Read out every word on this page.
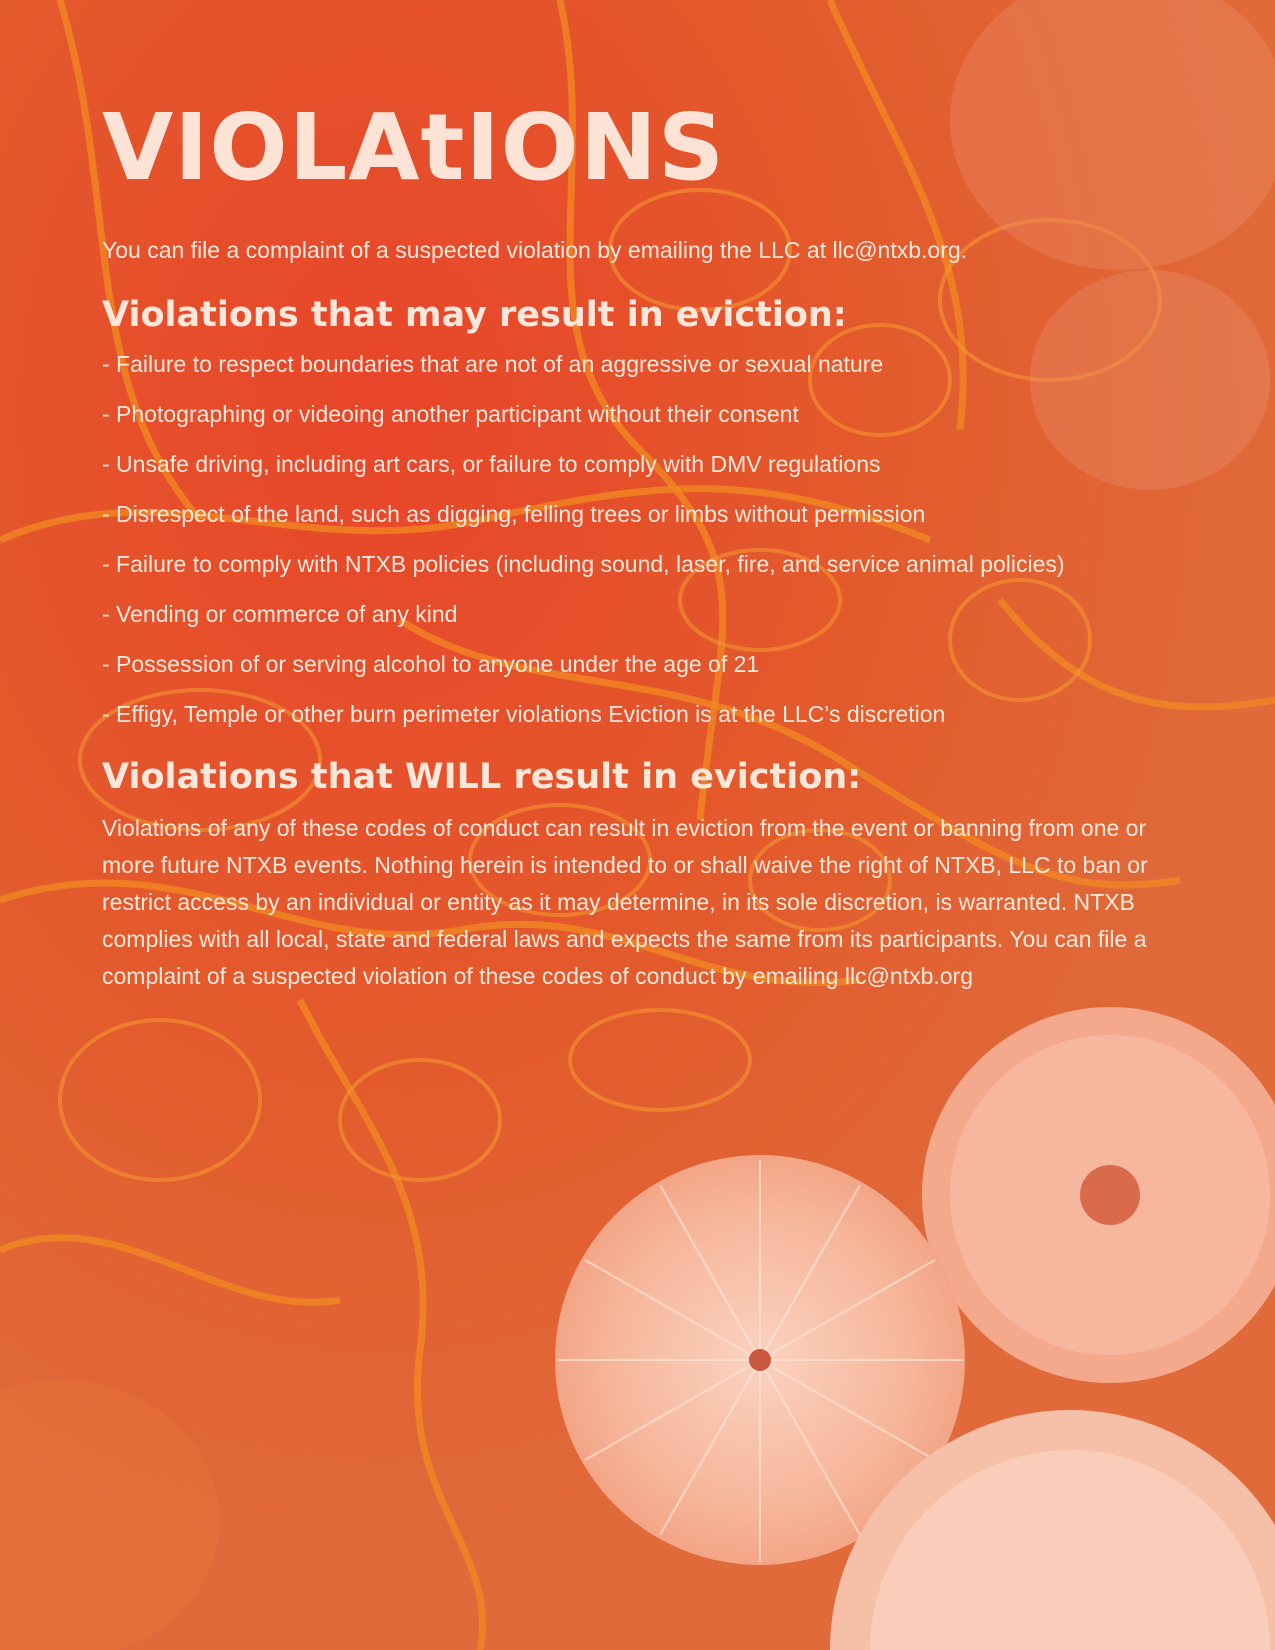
VIOLAtIONS

You can file a complaint of a suspected violation by emailing the LLC at llc@ntxb.org.

Violations that may result in eviction:

- Failure to respect boundaries that are not of an aggressive or sexual nature

- Photographing or videoing another participant without their consent

- Unsafe driving, including art cars, or failure to comply with DMV regulations

- Disrespect of the land, such as digging, felling trees or limbs without permission

- Failure to comply with NTXB policies (including sound, laser, fire, and service animal policies)

- Vending or commerce of any kind

- Possession of or serving alcohol to anyone under the age of 21

- Effigy, Temple or other burn perimeter violations Eviction is at the LLC’s discretion

Violations that WILL result in eviction:

Violations of any of these codes of conduct can result in eviction from the event or banning from one or more future NTXB events. Nothing herein is intended to or shall waive the right of NTXB, LLC to ban or restrict access by an individual or entity as it may determine, in its sole discretion, is warranted. NTXB complies with all local, state and federal laws and expects the same from its participants. You can file a complaint of a suspected violation of these codes of conduct by emailing llc@ntxb.org
